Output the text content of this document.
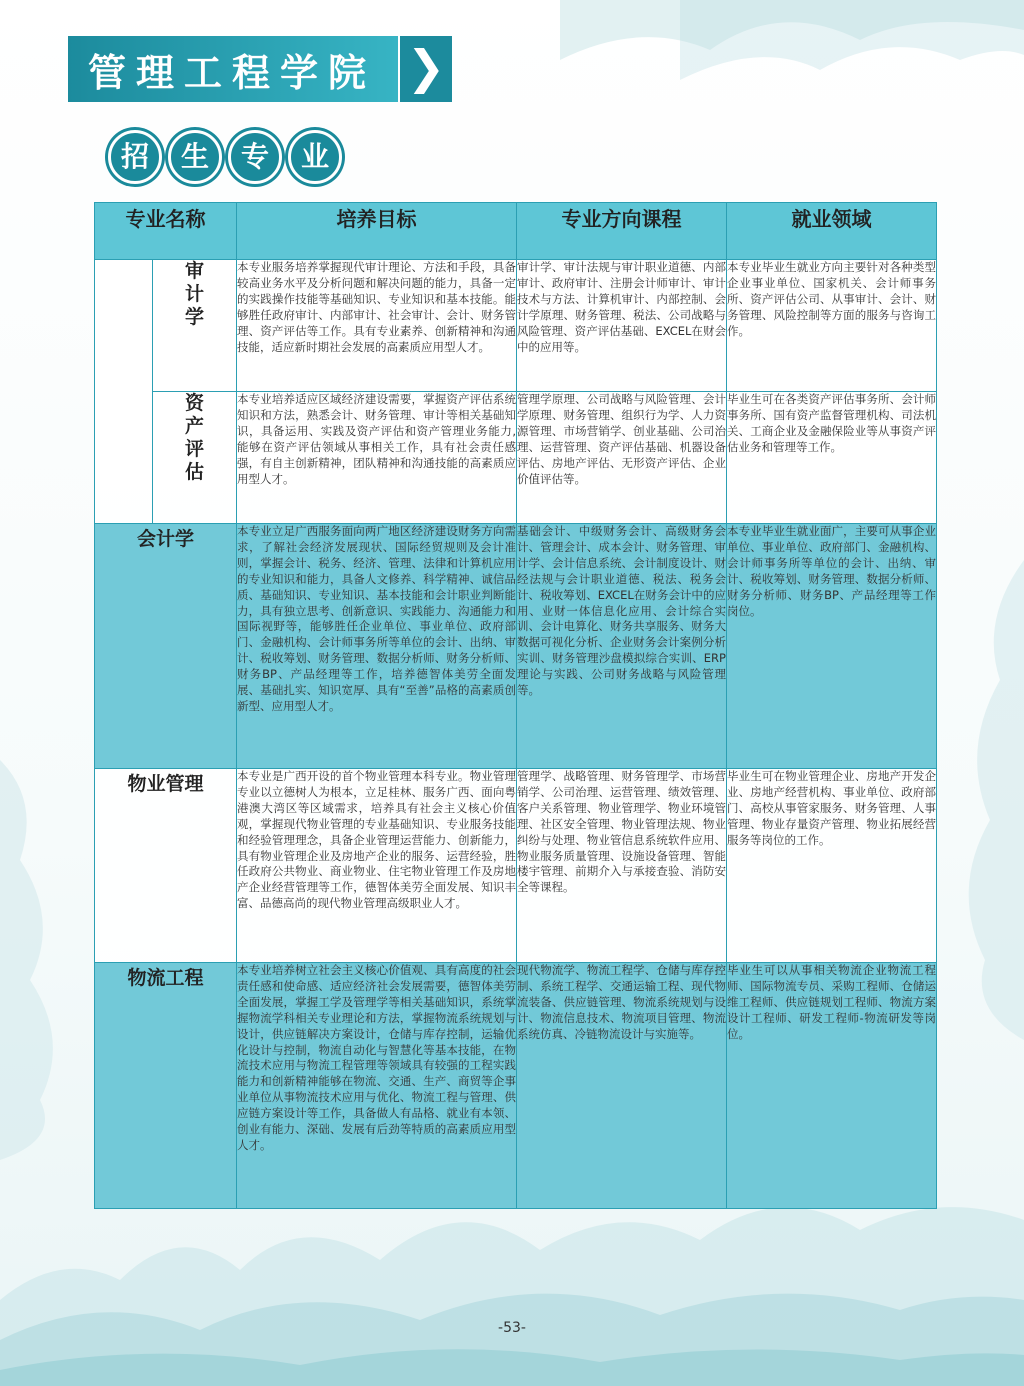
管理工程学院 ❯
招	生	专	业
专业名称		培养目标	专业方向课程	就业领域
	审计学	本专业服务培养掌握现代审计理论、方法和手段，具备较高业务水平及分析问题和解决问题的能力，具备一定的实践操作技能等基础知识、专业知识和基本技能。能够胜任政府审计、内部审计、社会审计、会计、财务管理、资产评估等工作。具有专业素养、创新精神和沟通技能，适应新时期社会发展的高素质应用型人才。	审计学、审计法规与审计职业道德、内部审计、政府审计、注册会计师审计、审计技术与方法、计算机审计、内部控制、会计学原理、财务管理、税法、公司战略与风险管理、资产评估基础、EXCEL在财会中的应用等。	本专业毕业生就业方向主要针对各种类型企业事业单位、国家机关、会计师事务所、资产评估公司、从事审计、会计、财务管理、风险控制等方面的服务与咨询工作。
	资产评估	本专业培养适应区域经济建设需要，掌握资产评估系统知识和方法，熟悉会计、财务管理、审计等相关基础知识，具备运用、实践及资产评估和资产管理业务能力,能够在资产评估领域从事相关工作，具有社会责任感强，有自主创新精神，团队精神和沟通技能的高素质应用型人才。	管理学原理、公司战略与风险管理、会计学原理、财务管理、组织行为学、人力资源管理、市场营销学、创业基础、公司治理、运营管理、资产评估基础、机器设备评估、房地产评估、无形资产评估、企业价值评估等。	毕业生可在各类资产评估事务所、会计师事务所、国有资产监督管理机构、司法机关、工商企业及金融保险业等从事资产评估业务和管理等工作。
会计学		本专业立足广西服务面向两广地区经济建设财务方向需求，了解社会经济发展现状、国际经贸规则及会计准则，掌握会计、税务、经济、管理、法律和计算机应用的专业知识和能力，具备人文修养、科学精神、诚信品质、基础知识、专业知识、基本技能和会计职业判断能力，具有独立思考、创新意识、实践能力、沟通能力和国际视野等，能够胜任企业单位、事业单位、政府部门、金融机构、会计师事务所等单位的会计、出纳、审计、税收筹划、财务管理、数据分析师、财务分析师、财务BP、产品经理等工作，培养德智体美劳全面发展、基础扎实、知识宽厚、具有“至善”品格的高素质创新型、应用型人才。	基础会计、中级财务会计、高级财务会计、管理会计、成本会计、财务管理、审计学、会计信息系统、会计制度设计、财经法规与会计职业道德、税法、税务会计、税收筹划、EXCEL在财务会计中的应用、业财一体信息化应用、会计综合实训、会计电算化、财务共享服务、财务大数据可视化分析、企业财务会计案例分析实训、财务管理沙盘模拟综合实训、ERP理论与实践、公司财务战略与风险管理等。	本专业毕业生就业面广，主要可从事企业单位、事业单位、政府部门、金融机构、会计师事务所等单位的会计、出纳、审计、税收筹划、财务管理、数据分析师、财务分析师、财务BP、产品经理等工作岗位。
物业管理		本专业是广西开设的首个物业管理本科专业。物业管理专业以立德树人为根本，立足桂林、服务广西、面向粤港澳大湾区等区域需求，培养具有社会主义核心价值观，掌握现代物业管理的专业基础知识、专业服务技能和经验管理理念，具备企业管理运营能力、创新能力，具有物业管理企业及房地产企业的服务、运营经验，胜任政府公共物业、商业物业、住宅物业管理工作及房地产企业经营管理等工作，德智体美劳全面发展、知识丰富、品德高尚的现代物业管理高级职业人才。	管理学、战略管理、财务管理学、市场营销学、公司治理、运营管理、绩效管理、客户关系管理、物业管理学、物业环境管理、社区安全管理、物业管理法规、物业纠纷与处理、物业管信息系统软件应用、物业服务质量管理、设施设备管理、智能楼宇管理、前期介入与承接查验、消防安全等课程。	毕业生可在物业管理企业、房地产开发企业、房地产经营机构、事业单位、政府部门、高校从事管家服务、财务管理、人事管理、物业存量资产管理、物业拓展经营服务等岗位的工作。
物流工程		本专业培养树立社会主义核心价值观、具有高度的社会责任感和使命感、适应经济社会发展需要，德智体美劳全面发展，掌握工学及管理学等相关基础知识，系统掌握物流学科相关专业理论和方法，掌握物流系统规划与设计，供应链解决方案设计，仓储与库存控制，运输优化设计与控制，物流自动化与智慧化等基本技能，在物流技术应用与物流工程管理等领域具有较强的工程实践能力和创新精神能够在物流、交通、生产、商贸等企事业单位从事物流技术应用与优化、物流工程与管理、供应链方案设计等工作，具备做人有品格、就业有本领、创业有能力、深础、发展有后劲等特质的高素质应用型人才。	现代物流学、物流工程学、仓储与库存控制、系统工程学、交通运输工程、现代物流装备、供应链管理、物流系统规划与设计、物流信息技术、物流项目管理、物流系统仿真、冷链物流设计与实施等。	毕业生可以从事相关物流企业物流工程师、国际物流专员、采购工程师、仓储运维工程师、供应链规划工程师、物流方案设计工程师、研发工程师-物流研发等岗位。
-53-
